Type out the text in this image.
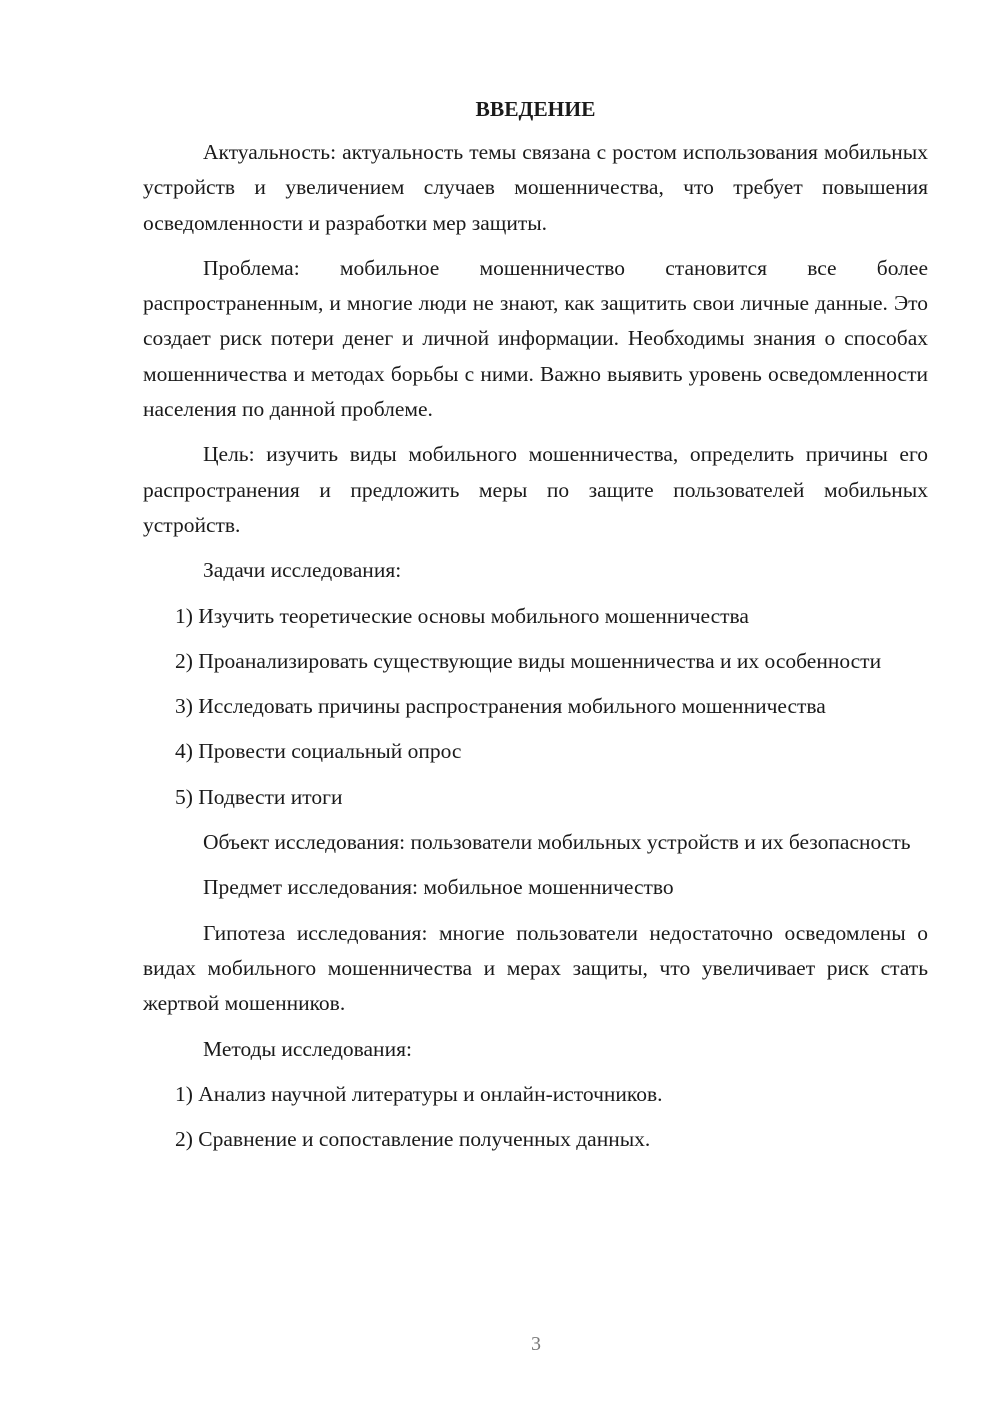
ВВЕДЕНИЕ

Актуальность: актуальность темы связана с ростом использования мобильных устройств и увеличением случаев мошенничества, что требует повышения осведомленности и разработки мер защиты.

Проблема: мобильное мошенничество становится все более распространенным, и многие люди не знают, как защитить свои личные данные. Это создает риск потери денег и личной информации. Необходимы знания о способах мошенничества и методах борьбы с ними. Важно выявить уровень осведомленности населения по данной проблеме.

Цель: изучить виды мобильного мошенничества, определить причины его распространения и предложить меры по защите пользователей мобильных устройств.

Задачи исследования:

1) Изучить теоретические основы мобильного мошенничества

2) Проанализировать существующие виды мошенничества и их особенности

3) Исследовать причины распространения мобильного мошенничества

4) Провести социальный опрос

5) Подвести итоги

Объект исследования: пользователи мобильных устройств и их безопасность

Предмет исследования: мобильное мошенничество

Гипотеза исследования: многие пользователи недостаточно осведомлены о видах мобильного мошенничества и мерах защиты, что увеличивает риск стать жертвой мошенников.

Методы исследования:

1) Анализ научной литературы и онлайн-источников.

2) Сравнение и сопоставление полученных данных.

3
